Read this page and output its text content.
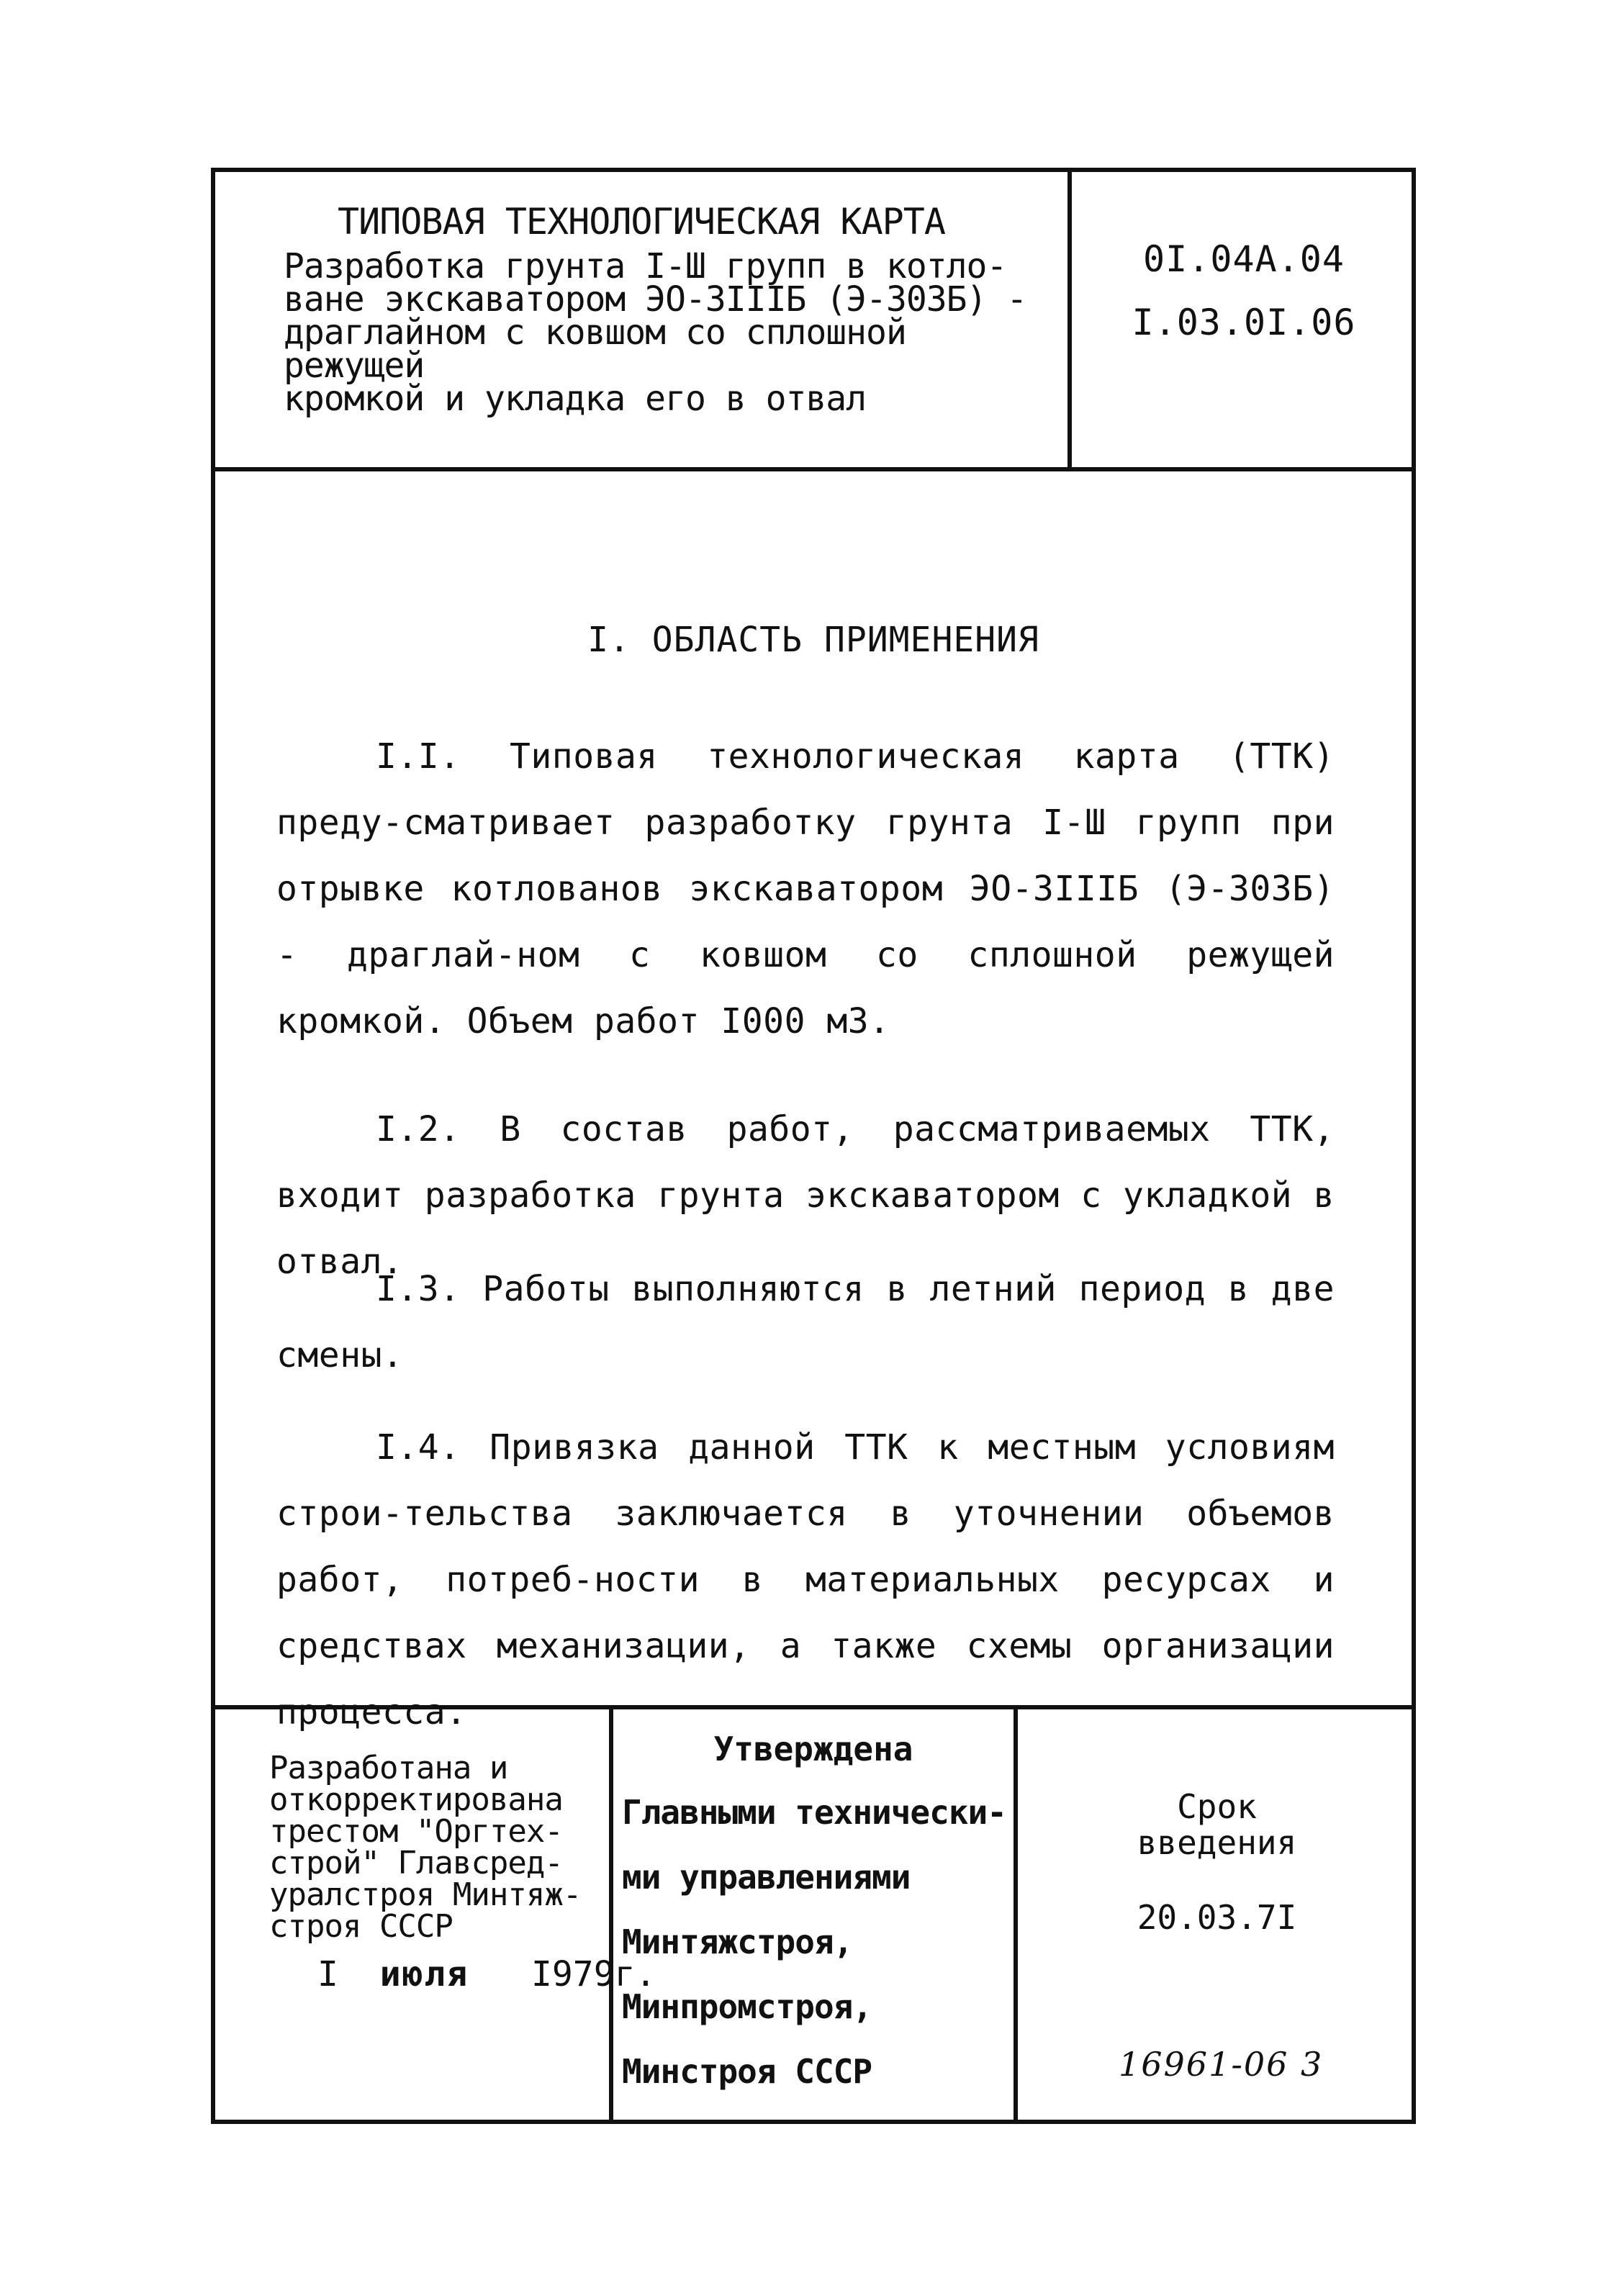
ТИПОВАЯ ТЕХНОЛОГИЧЕСКАЯ КАРТА
Разработка грунта I-Ш групп в котло-
ване экскаватором ЭО-3IIIБ (Э-303Б) -
драглайном с ковшом со сплошной режущей
кромкой и укладка его в отвал
0I.04А.04
I.03.0I.06
I. ОБЛАСТЬ ПРИМЕНЕНИЯ
I.I. Типовая технологическая карта (ТТК) преду-сматривает разработку грунта I-Ш групп при отрывке котлованов экскаватором ЭО-3IIIБ (Э-303Б) - драглай-ном с ковшом со сплошной режущей кромкой. Объем работ I000 м3.
I.2. В состав работ, рассматриваемых ТТК, входит разработка грунта экскаватором с укладкой в отвал.
I.3. Работы выполняются в летний период в две смены.
I.4. Привязка данной ТТК к местным условиям строи-тельства заключается в уточнении объемов работ, потреб-ности в материальных ресурсах и средствах механизации, а также схемы организации процесса.
Разработана и
откорректирована
трестом "Оргтех-
строй" Главсред-
уралстроя Минтяж-
строя СССР
I июля I979г.
Утверждена
Главными технически-
ми управлениями
Минтяжстроя,
Минпромстроя,
Минстроя СССР
Срок
введения
20.03.7I
16961-06 3
